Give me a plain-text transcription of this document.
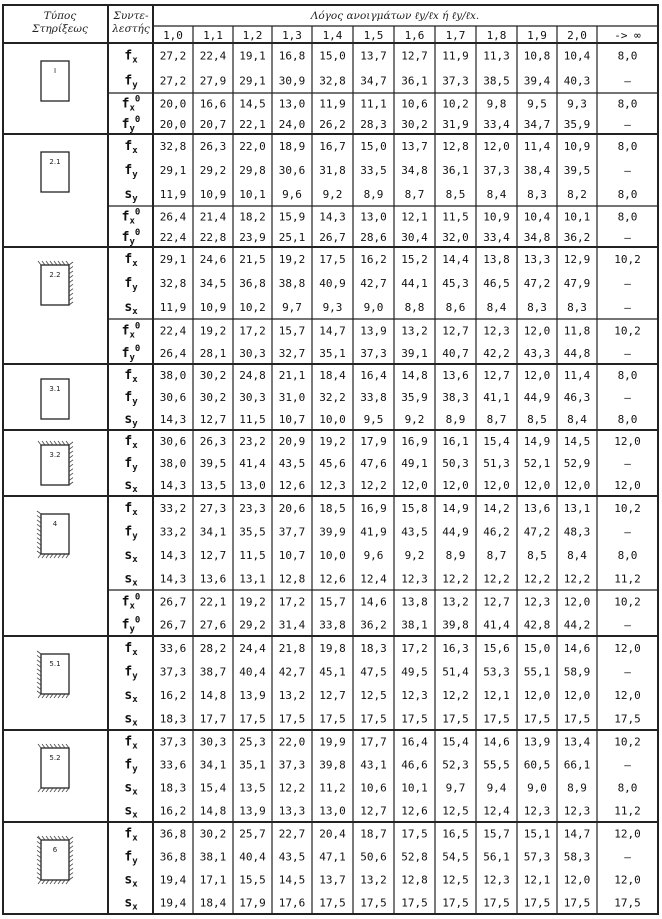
Τύπος
Στηρίξεως
Συντε-
λεστής
Λόγος ανοιγμάτων ℓy/ℓx ή ℓy/ℓx.
1,0 1,1 1,2 1,3 1,4 1,5 1,6 1,7 1,8 1,9 2,0 -> ∞
I
$f_x$ 27,2 22,4 19,1 16,8 15,0 13,7 12,7 11,9 11,3 10,8 10,4 8,0
$f_y$ 27,2 27,9 29,1 30,9 32,8 34,7 36,1 37,3 38,5 39,4 40,3	–
$f_x^0$ 20,0 16,6 14,5 13,0 11,9 11,1 10,6 10,2 9,8 9,5 9,3	8,0
$f_y^0$ 20,0 20,7 22,1 24,0 26,2 28,3 30,2 31,9 33,4 34,7 35,9	–
2.1
$f_x$ 32,8 26,3 22,0 18,9 16,7 15,0 13,7 12,8 12,0 11,4 10,9 8,0
$f_y$ 29,1 29,2 29,8 30,6 31,8 33,5 34,8 36,1 37,3 38,4 39,5	–
$s_y$ 11,9 10,9 10,1 9,6 9,2 8,9 8,7 8,5 8,4 8,3 8,2	8,0
$f_x^0$ 26,4 21,4 18,2 15,9 14,3 13,0 12,1 11,5 10,9 10,4 10,1 8,0
$f_y^0$ 22,4 22,8 23,9 25,1 26,7 28,6 30,4 32,0 33,4 34,8 36,2	–
2.2
$f_x$ 29,1 24,6 21,5 19,2 17,5 16,2 15,2 14,4 13,8 13,3 12,9 10,2
$f_y$ 32,8 34,5 36,8 38,8 40,9 42,7 44,1 45,3 46,5 47,2 47,9	–
$s_x$ 11,9 10,9 10,2 9,7 9,3 9,0 8,8 8,6 8,4 8,3 8,3	–
$f_x^0$ 22,4 19,2 17,2 15,7 14,7 13,9 13,2 12,7 12,3 12,0 11,8 10,2
$f_y^0$ 26,4 28,1 30,3 32,7 35,1 37,3 39,1 40,7 42,2 43,3 44,8	–
3.1
$f_x$ 38,0 30,2 24,8 21,1 18,4 16,4 14,8 13,6 12,7 12,0 11,4 8,0
$f_y$ 30,6 30,2 30,3 31,0 32,2 33,8 35,9 38,3 41,1 44,9 46,3	–
$s_y$ 14,3 12,7 11,5 10,7 10,0 9,5 9,2 8,9 8,7 8,5 8,4	8,0
3.2
$f_x$ 30,6 26,3 23,2 20,9 19,2 17,9 16,9 16,1 15,4 14,9 14,5 12,0
$f_y$ 38,0 39,5 41,4 43,5 45,6 47,6 49,1 50,3 51,3 52,1 52,9	–
$s_x$ 14,3 13,5 13,0 12,6 12,3 12,2 12,0 12,0 12,0 12,0 12,0 12,0
4
$f_x$ 33,2 27,3 23,3 20,6 18,5 16,9 15,8 14,9 14,2 13,6 13,1 10,2
$f_y$ 33,2 34,1 35,5 37,7 39,9 41,9 43,5 44,9 46,2 47,2 48,3	–
$s_x$ 14,3 12,7 11,5 10,7 10,0 9,6 9,2 8,9 8,7 8,5 8,4	8,0
$s_x$ 14,3 13,6 13,1 12,8 12,6 12,4 12,3 12,2 12,2 12,2 12,2 11,2
$f_x^0$ 26,7 22,1 19,2 17,2 15,7 14,6 13,8 13,2 12,7 12,3 12,0 10,2
$f_y^0$ 26,7 27,6 29,2 31,4 33,8 36,2 38,1 39,8 41,4 42,8 44,2	–
5.1
$f_x$ 33,6 28,2 24,4 21,8 19,8 18,3 17,2 16,3 15,6 15,0 14,6 12,0
$f_y$ 37,3 38,7 40,4 42,7 45,1 47,5 49,5 51,4 53,3 55,1 58,9	–
$s_x$ 16,2 14,8 13,9 13,2 12,7 12,5 12,3 12,2 12,1 12,0 12,0 12,0
$s_x$ 18,3 17,7 17,5 17,5 17,5 17,5 17,5 17,5 17,5 17,5 17,5 17,5
5.2
$f_x$ 37,3 30,3 25,3 22,0 19,9 17,7 16,4 15,4 14,6 13,9 13,4 10,2
$f_y$ 33,6 34,1 35,1 37,3 39,8 43,1 46,6 52,3 55,5 60,5 66,1	–
$s_x$ 18,3 15,4 13,5 12,2 11,2 10,6 10,1 9,7 9,4 9,0 8,9	8,0
$s_x$ 16,2 14,8 13,9 13,3 13,0 12,7 12,6 12,5 12,4 12,3 12,3 11,2
6
$f_x$ 36,8 30,2 25,7 22,7 20,4 18,7 17,5 16,5 15,7 15,1 14,7 12,0
$f_y$ 36,8 38,1 40,4 43,5 47,1 50,6 52,8 54,5 56,1 57,3 58,3	–
$s_x$ 19,4 17,1 15,5 14,5 13,7 13,2 12,8 12,5 12,3 12,1 12,0 12,0
$s_x$ 19,4 18,4 17,9 17,6 17,5 17,5 17,5 17,5 17,5 17,5 17,5 17,5
